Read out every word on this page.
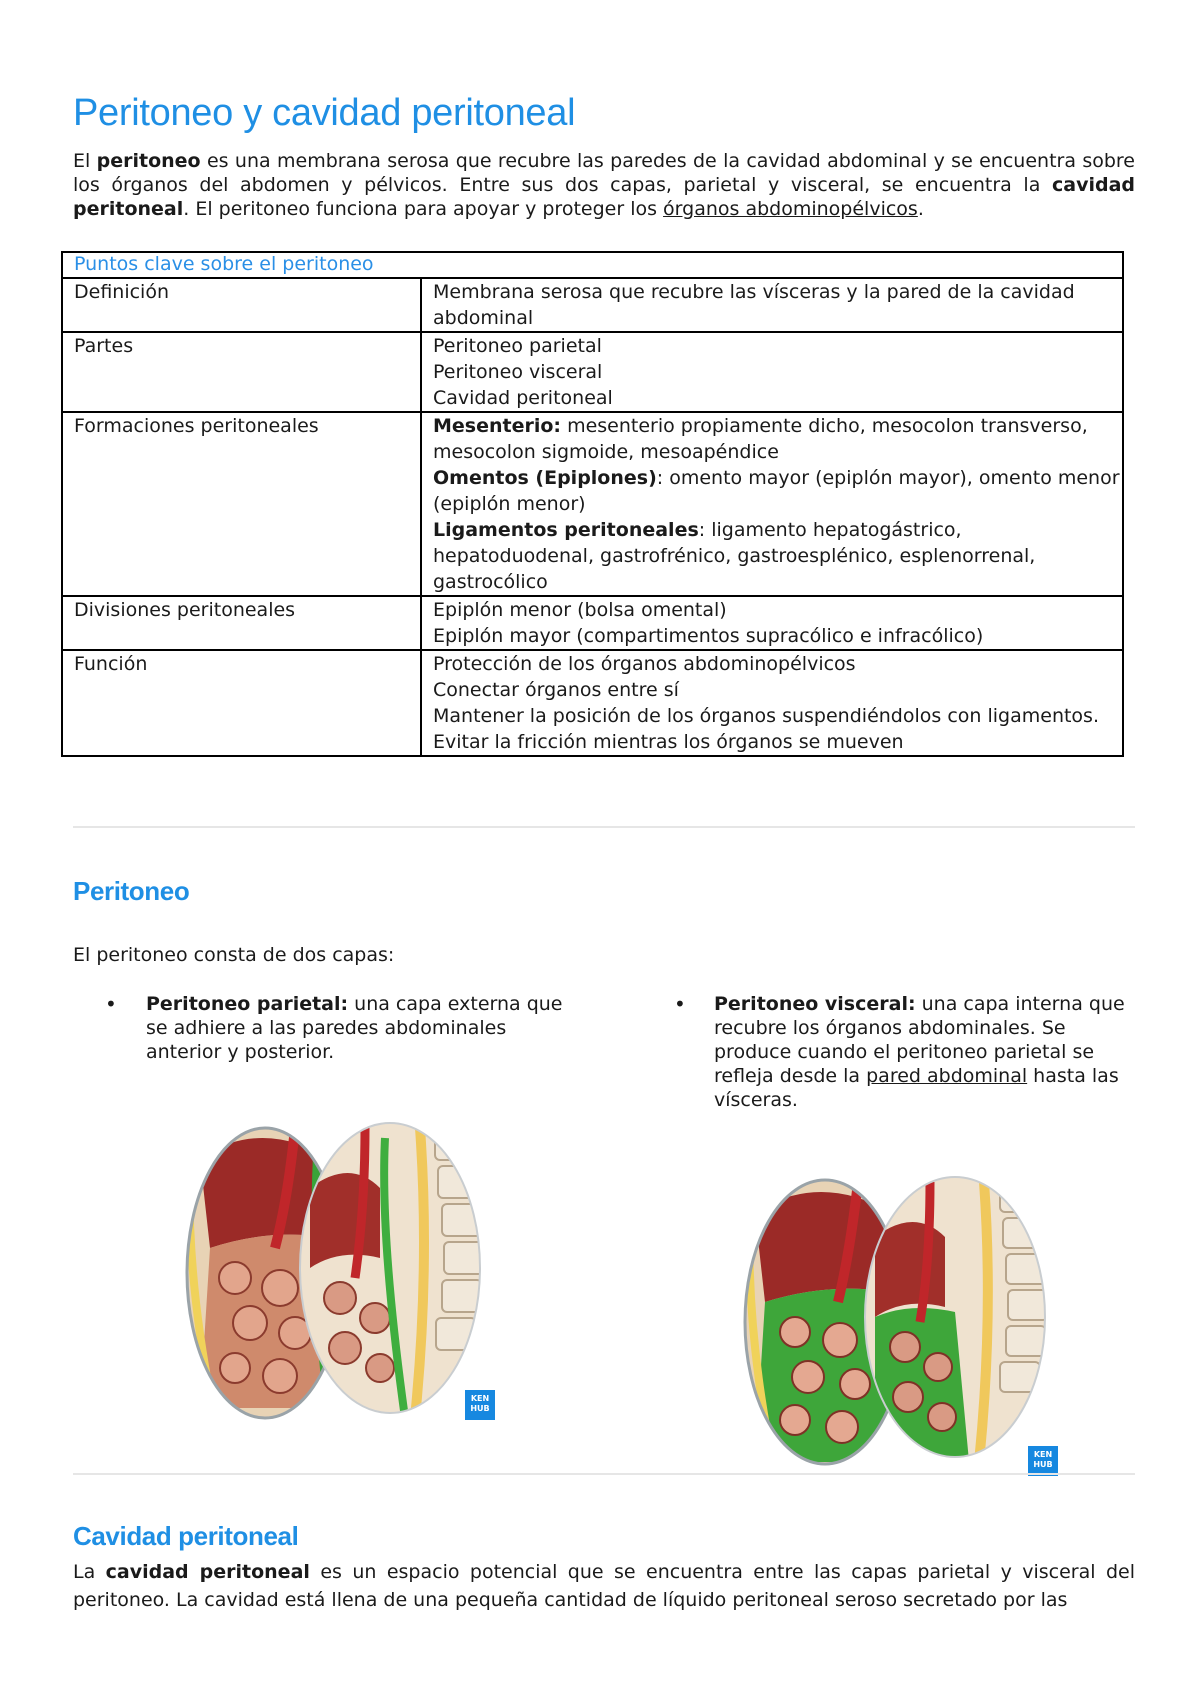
Peritoneo y cavidad peritoneal

El peritoneo es una membrana serosa que recubre las paredes de la cavidad abdominal y se encuentra sobre los órganos del abdomen y pélvicos. Entre sus dos capas, parietal y visceral, se encuentra la cavidad peritoneal. El peritoneo funciona para apoyar y proteger los órganos abdominopélvicos.

Puntos clave sobre el peritoneo	
Definición	Membrana serosa que recubre las vísceras y la pared de la cavidad abdominal

Partes	Peritoneo parietal
Peritoneo visceral
Cavidad peritoneal

Formaciones peritoneales	Mesenterio: mesenterio propiamente dicho, mesocolon transverso, mesocolon sigmoide, mesoapéndice
Omentos (Epiplones): omento mayor (epiplón mayor), omento menor (epiplón menor)
Ligamentos peritoneales: ligamento hepatogástrico, hepatoduodenal, gastrofrénico, gastroesplénico, esplenorrenal, gastrocólico

Divisiones peritoneales	Epiplón menor (bolsa omental)
Epiplón mayor (compartimentos supracólico e infracólico)

Función	Protección de los órganos abdominopélvicos
Conectar órganos entre sí
Mantener la posición de los órganos suspendiéndolos con ligamentos.
Evitar la fricción mientras los órganos se mueven
Peritoneo
El peritoneo consta de dos capas:
• Peritoneo parietal: una capa externa que se adhiere a las paredes abdominales anterior y posterior.
• Peritoneo visceral: una capa interna que recubre los órganos abdominales. Se produce cuando el peritoneo parietal se refleja desde la pared abdominal hasta las vísceras.
KEN
HUB
KEN
HUB
Cavidad peritoneal
La cavidad peritoneal es un espacio potencial que se encuentra entre las capas parietal y visceral del peritoneo. La cavidad está llena de una pequeña cantidad de líquido peritoneal seroso secretado por las
